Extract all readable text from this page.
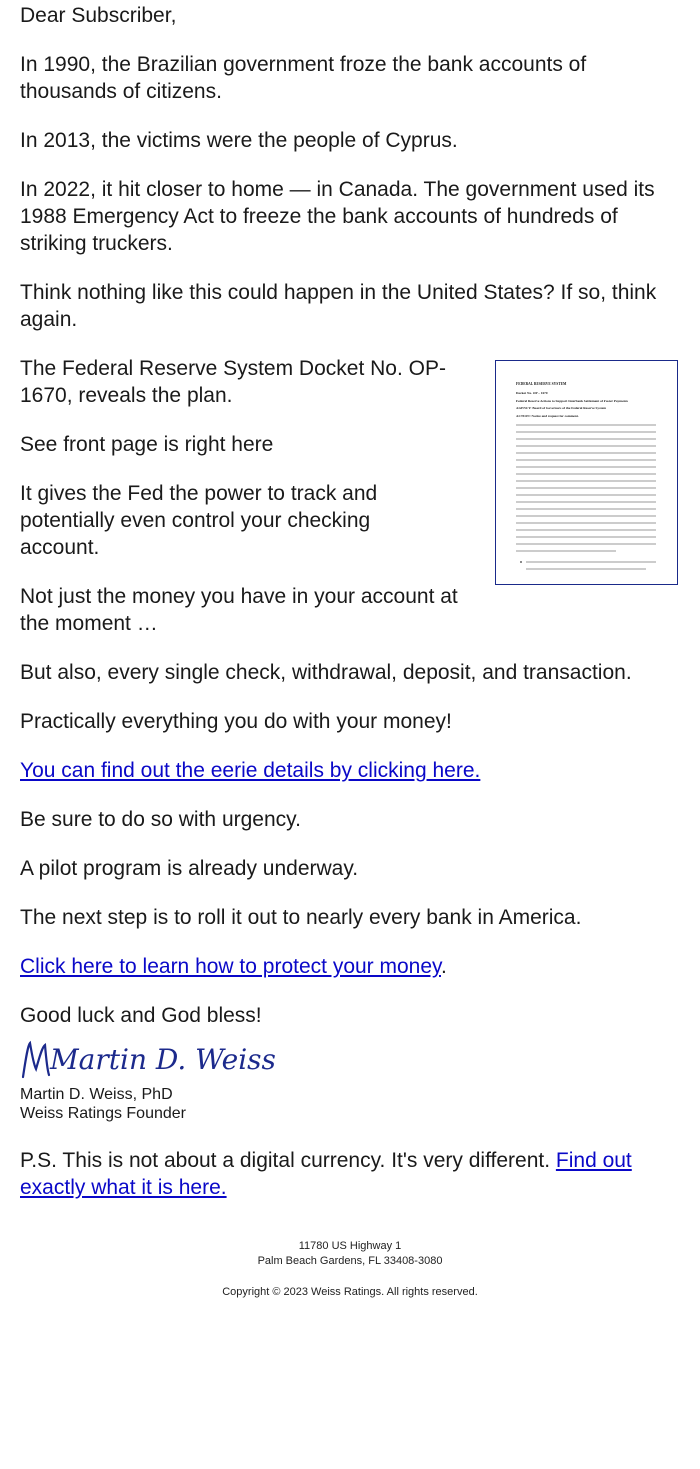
Dear Subscriber,
In 1990, the Brazilian government froze the bank accounts of thousands of citizens.
In 2013, the victims were the people of Cyprus.
In 2022, it hit closer to home — in Canada. The government used its 1988 Emergency Act to freeze the bank accounts of hundreds of striking truckers.
Think nothing like this could happen in the United States? If so, think again.
FEDERAL RESERVE SYSTEM
Docket No. OP – 1670
Federal Reserve Actions to Support Interbank Settlement of Faster Payments
AGENCY: Board of Governors of the Federal Reserve System
ACTION: Notice and request for comment.
The Federal Reserve System Docket No. OP-1670, reveals the plan.
See front page is right here
It gives the Fed the power to track and potentially even control your checking account.
Not just the money you have in your account at the moment …
But also, every single check, withdrawal, deposit, and transaction.
Practically everything you do with your money!
You can find out the eerie details by clicking here.
Be sure to do so with urgency.
A pilot program is already underway.
The next step is to roll it out to nearly every bank in America.
Click here to learn how to protect your money.
Good luck and God bless!
Martin D. Weiss
Martin D. Weiss, PhD
Weiss Ratings Founder
P.S. This is not about a digital currency. It's very different. Find out exactly what it is here.
11780 US Highway 1
Palm Beach Gardens, FL 33408-3080
Copyright © 2023 Weiss Ratings. All rights reserved.
